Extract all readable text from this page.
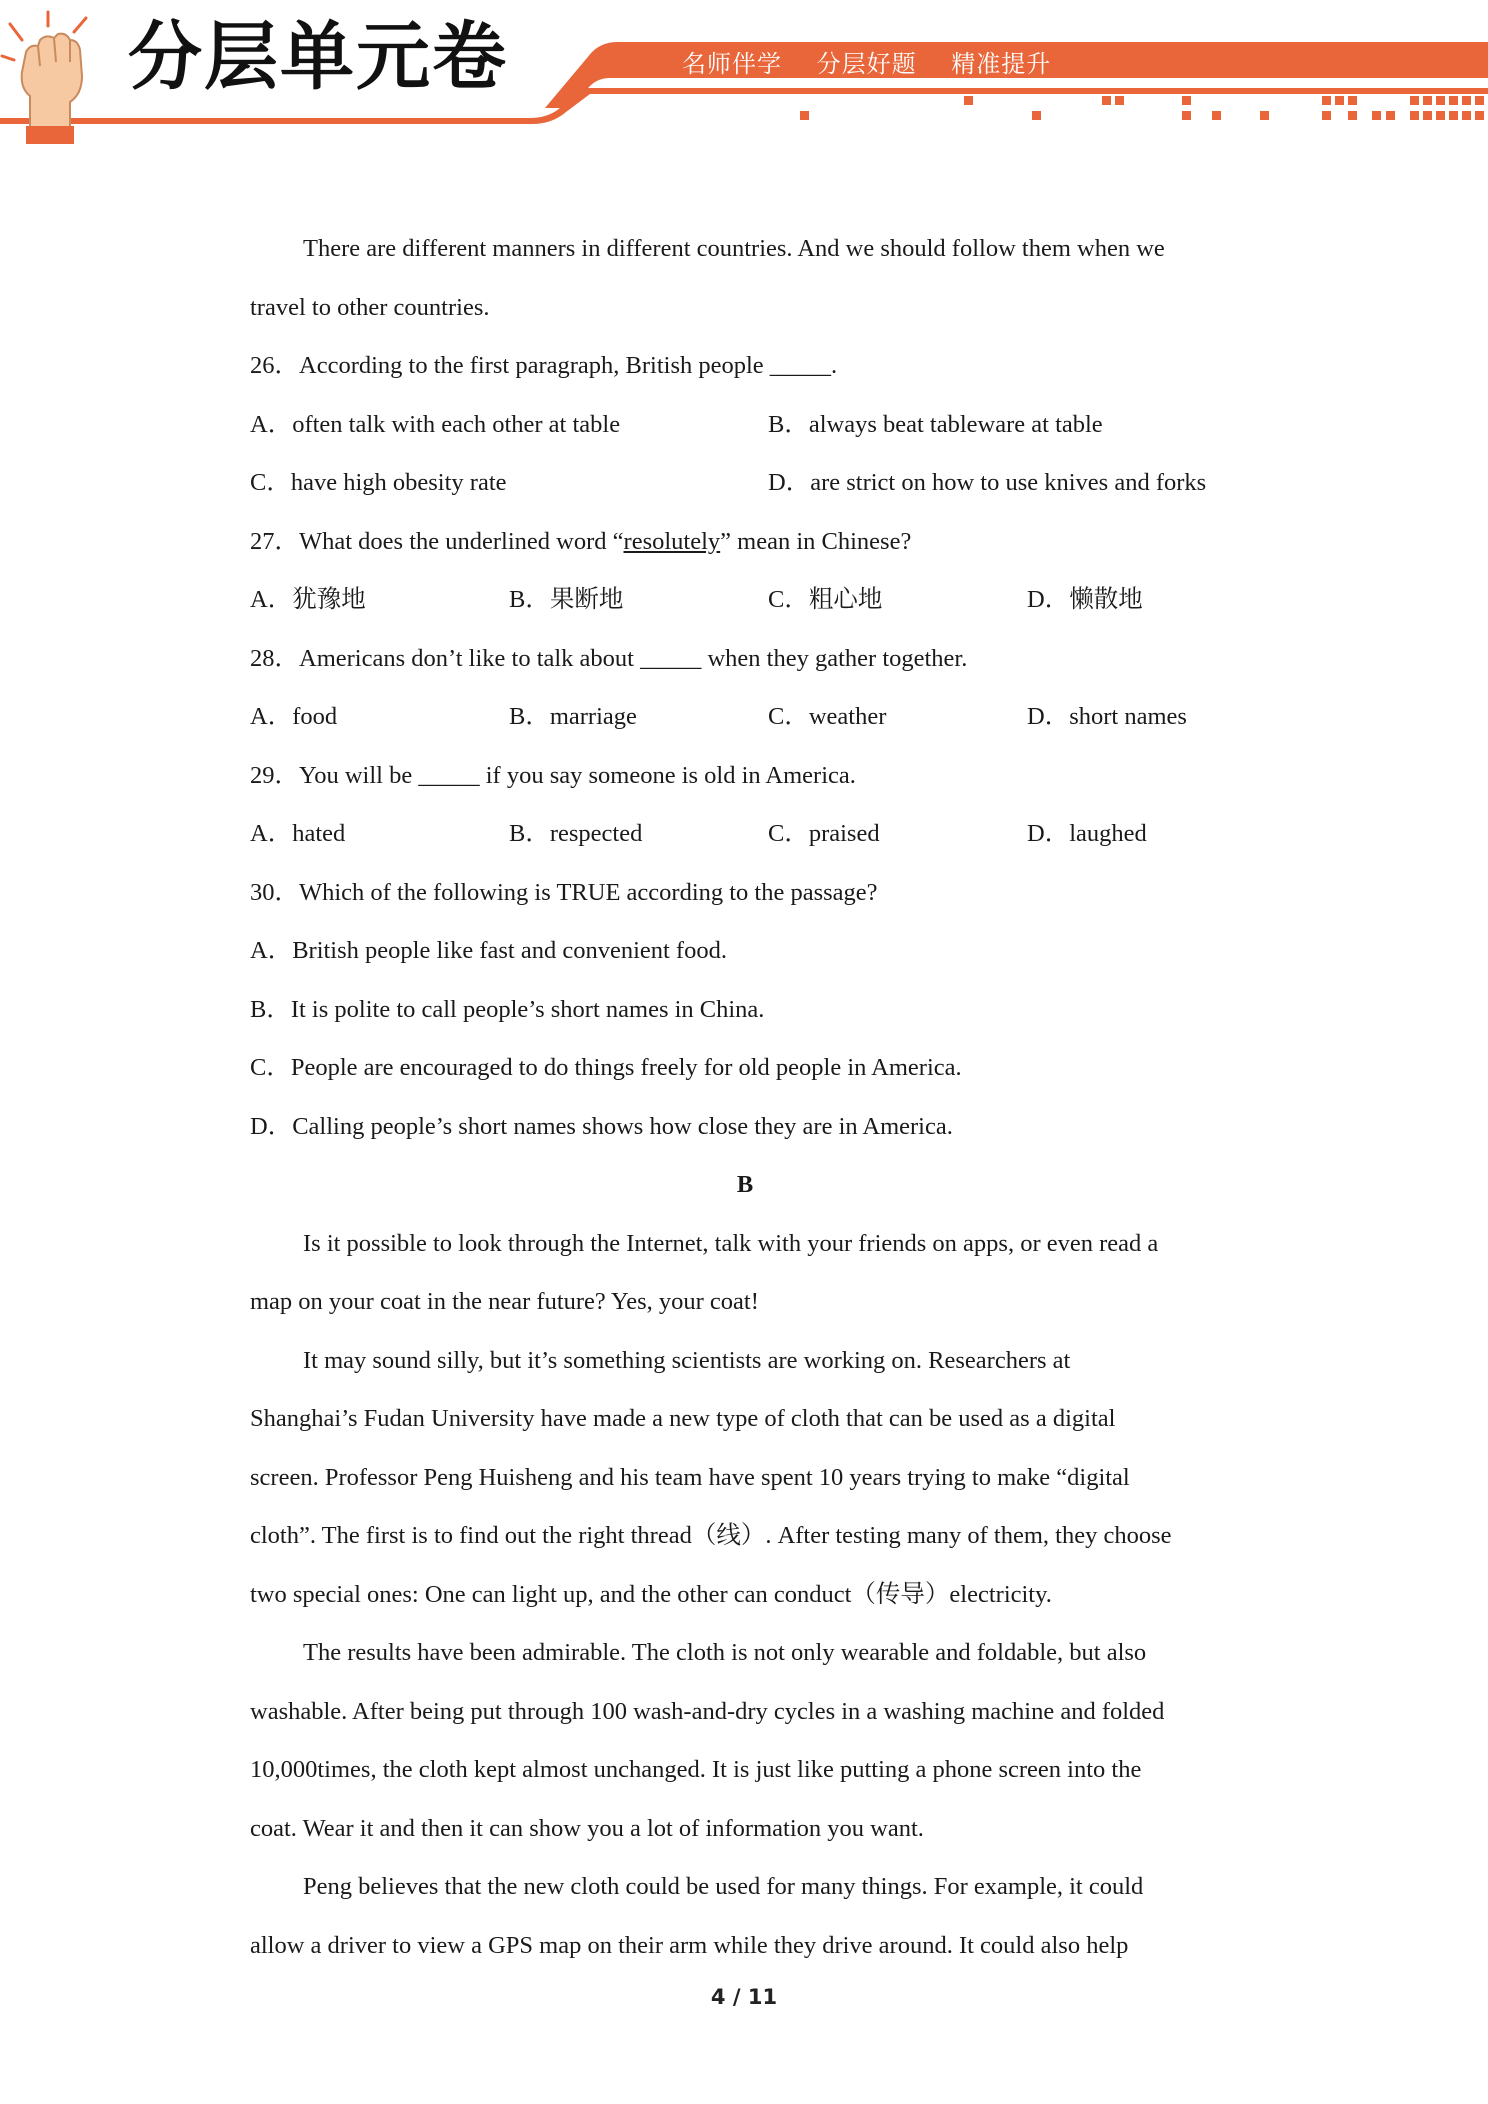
分层单元卷	名师伴学 分层好题 精准提升

There are different manners in different countries. And we should follow them when we

travel to other countries.

26．According to the first paragraph, British people _____.

A．often talk with each other at table	B．always beat tableware at table
C．have high obesity rate	D．are strict on how to use knives and forks

27．What does the underlined word “resolutely” mean in Chinese?

A．犹豫地	B．果断地	C．粗心地	D．懒散地

28．Americans don’t like to talk about _____ when they gather together.

A．food	B．marriage	C．weather	D．short names

29．You will be _____ if you say someone is old in America.

A．hated	B．respected	C．praised	D．laughed

30．Which of the following is TRUE according to the passage?

A．British people like fast and convenient food.

B．It is polite to call people’s short names in China.

C．People are encouraged to do things freely for old people in America.

D．Calling people’s short names shows how close they are in America.

B

Is it possible to look through the Internet, talk with your friends on apps, or even read a

map on your coat in the near future? Yes, your coat!

It may sound silly, but it’s something scientists are working on. Researchers at

Shanghai’s Fudan University have made a new type of cloth that can be used as a digital

screen. Professor Peng Huisheng and his team have spent 10 years trying to make “digital

cloth”. The first is to find out the right thread（线）. After testing many of them, they choose

two special ones: One can light up, and the other can conduct（传导）electricity.

The results have been admirable. The cloth is not only wearable and foldable, but also

washable. After being put through 100 wash-and-dry cycles in a washing machine and folded

10,000times, the cloth kept almost unchanged. It is just like putting a phone screen into the

coat. Wear it and then it can show you a lot of information you want.

Peng believes that the new cloth could be used for many things. For example, it could

allow a driver to view a GPS map on their arm while they drive around. It could also help

4 / 11
